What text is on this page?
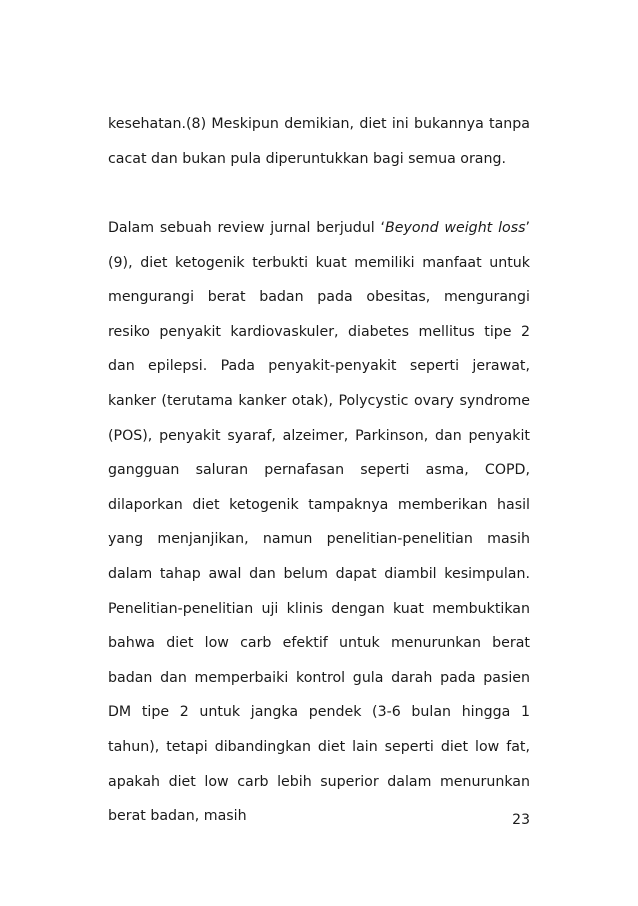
kesehatan.(8) Meskipun demikian, diet ini bukannya tanpa cacat dan bukan pula diperuntukkan bagi semua orang.

Dalam sebuah review jurnal berjudul ‘Beyond weight loss’ (9), diet ketogenik terbukti kuat memiliki manfaat untuk mengurangi berat badan pada obesitas, mengurangi resiko penyakit kardiovaskuler, diabetes mellitus tipe 2 dan epilepsi. Pada penyakit-penyakit seperti jerawat, kanker (terutama kanker otak), Polycystic ovary syndrome (POS), penyakit syaraf, alzeimer, Parkinson, dan penyakit gangguan saluran pernafasan seperti asma, COPD, dilaporkan diet ketogenik tampaknya memberikan hasil yang menjanjikan, namun penelitian-penelitian masih dalam tahap awal dan belum dapat diambil kesimpulan. Penelitian-penelitian uji klinis dengan kuat membuktikan bahwa diet low carb efektif untuk menurunkan berat badan dan memperbaiki kontrol gula darah pada pasien DM tipe 2 untuk jangka pendek (3-6 bulan hingga 1 tahun), tetapi dibandingkan diet lain seperti diet low fat, apakah diet low carb lebih superior dalam menurunkan berat badan, masih	23
